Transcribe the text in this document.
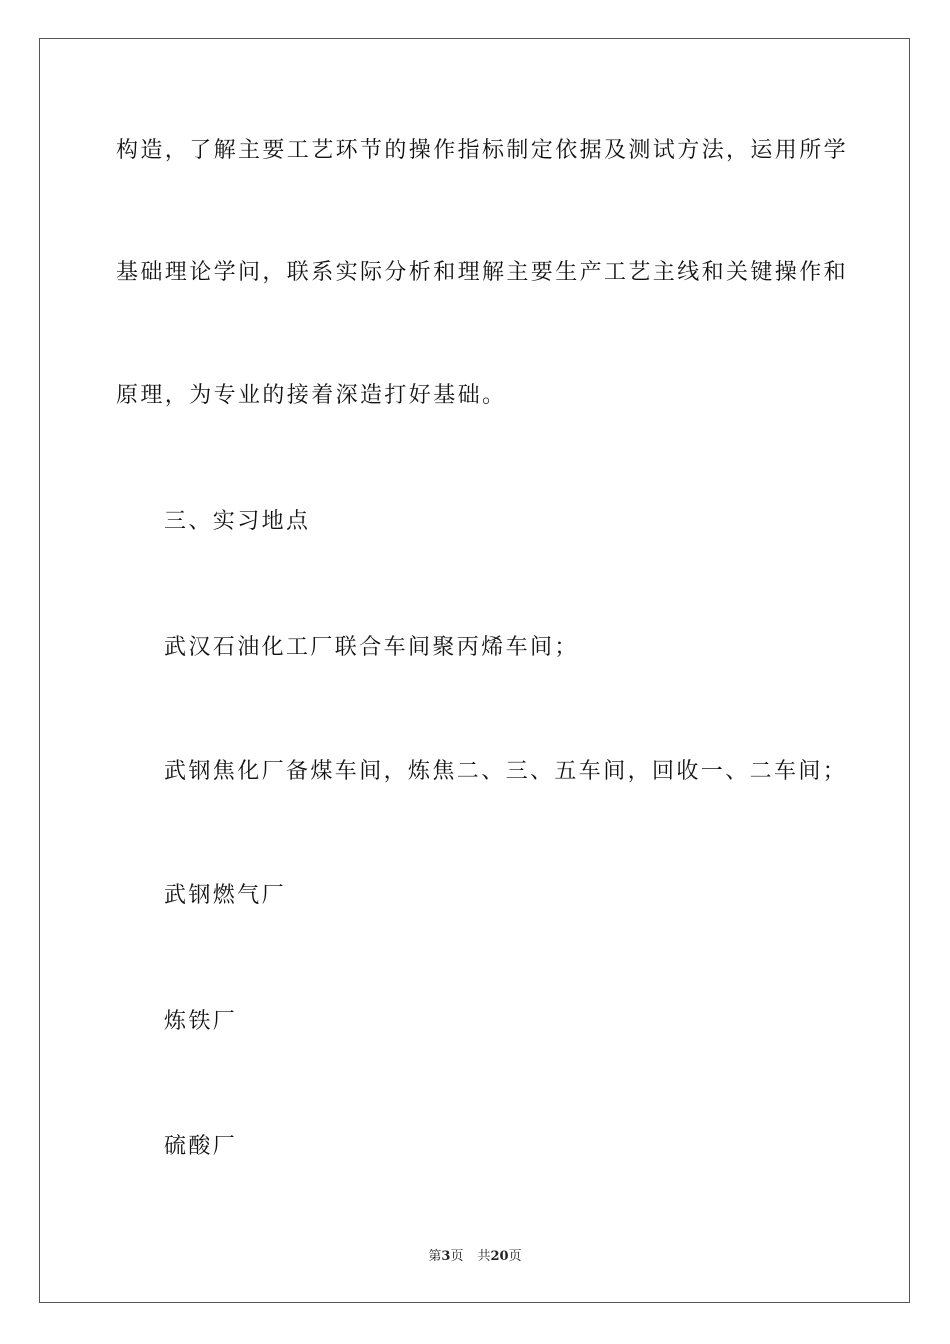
构造，了解主要工艺环节的操作指标制定依据及测试方法，运用所学
基础理论学问，联系实际分析和理解主要生产工艺主线和关键操作和
原理，为专业的接着深造打好基础。
三、实习地点
武汉石油化工厂联合车间聚丙烯车间；
武钢焦化厂备煤车间，炼焦二、三、五车间，回收一、二车间；
武钢燃气厂
炼铁厂
硫酸厂
第3页 共20页
